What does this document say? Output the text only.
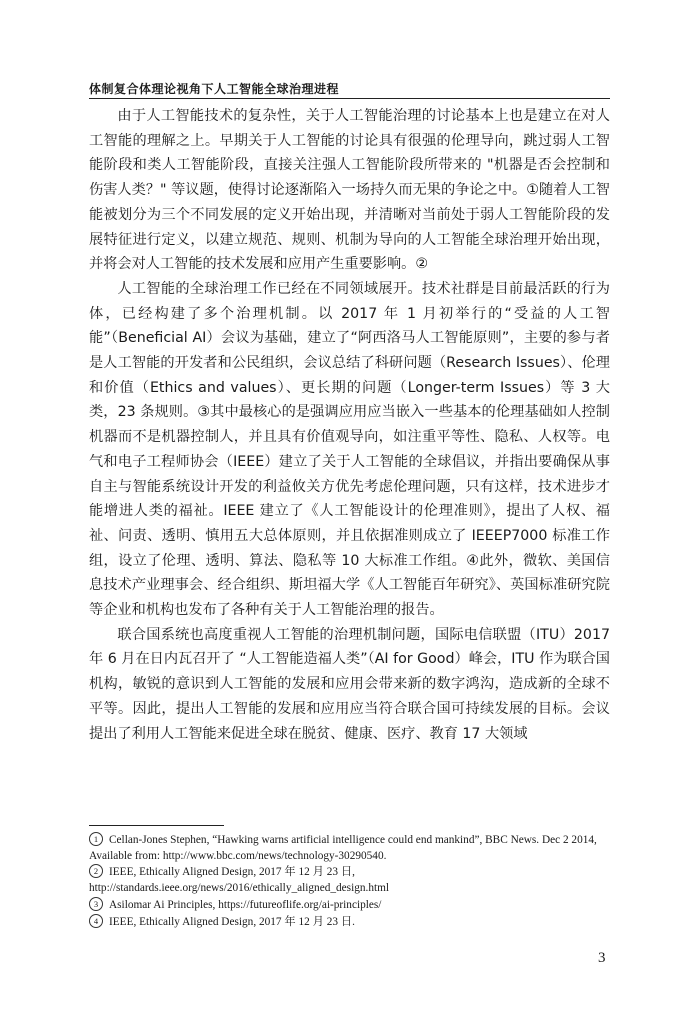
体制复合体理论视角下人工智能全球治理进程

由于人工智能技术的复杂性，关于人工智能治理的讨论基本上也是建立在对人工智能的理解之上。早期关于人工智能的讨论具有很强的伦理导向，跳过弱人工智能阶段和类人工智能阶段，直接关注强人工智能阶段所带来的 "机器是否会控制和伤害人类？" 等议题，使得讨论逐渐陷入一场持久而无果的争论之中。①随着人工智能被划分为三个不同发展的定义开始出现，并清晰对当前处于弱人工智能阶段的发展特征进行定义，以建立规范、规则、机制为导向的人工智能全球治理开始出现，并将会对人工智能的技术发展和应用产生重要影响。②

人工智能的全球治理工作已经在不同领域展开。技术社群是目前最活跃的行为体，已经构建了多个治理机制。以 2017 年 1 月初举行的“受益的人工智能”（Beneficial AI）会议为基础，建立了“阿西洛马人工智能原则”，主要的参与者是人工智能的开发者和公民组织，会议总结了科研问题（Research Issues）、伦理和价值（Ethics and values）、更长期的问题（Longer-term Issues）等 3 大类，23 条规则。③其中最核心的是强调应用应当嵌入一些基本的伦理基础如人控制机器而不是机器控制人，并且具有价值观导向，如注重平等性、隐私、人权等。电气和电子工程师协会（IEEE）建立了关于人工智能的全球倡议，并指出要确保从事自主与智能系统设计开发的利益攸关方优先考虑伦理问题，只有这样，技术进步才能增进人类的福祉。IEEE 建立了《人工智能设计的伦理准则》，提出了人权、福祉、问责、透明、慎用五大总体原则，并且依据准则成立了 IEEEP7000 标准工作组，设立了伦理、透明、算法、隐私等 10 大标准工作组。④此外，微软、美国信息技术产业理事会、经合组织、斯坦福大学《人工智能百年研究》、英国标准研究院等企业和机构也发布了各种有关于人工智能治理的报告。

联合国系统也高度重视人工智能的治理机制问题，国际电信联盟（ITU）2017 年 6 月在日内瓦召开了 “人工智能造福人类”（AI for Good）峰会，ITU 作为联合国机构，敏锐的意识到人工智能的发展和应用会带来新的数字鸿沟，造成新的全球不平等。因此，提出人工智能的发展和应用应当符合联合国可持续发展的目标。会议提出了利用人工智能来促进全球在脱贫、健康、医疗、教育 17 大领域

1 Cellan-Jones Stephen, “Hawking warns artificial intelligence could end mankind”, BBC News. Dec 2 2014, Available from: http://www.bbc.com/news/technology-30290540.

2 IEEE, Ethically Aligned Design, 2017 年 12 月 23 日, http://standards.ieee.org/news/2016/ethically_aligned_design.html

3 Asilomar Ai Principles, https://futureoflife.org/ai-principles/

4 IEEE, Ethically Aligned Design, 2017 年 12 月 23 日.

3
